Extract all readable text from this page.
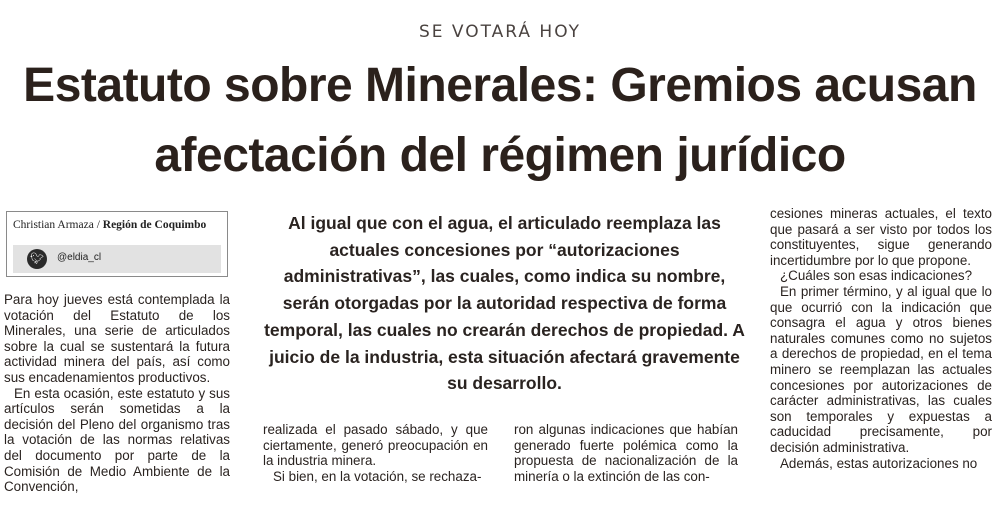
SE VOTARÁ HOY
Estatuto sobre Minerales: Gremios acusan
afectación del régimen jurídico
Christian Armaza / Región de Coquimbo
🐦︎	@eldia_cl
Al igual que con el agua, el articulado reemplaza las actuales concesiones por “autorizaciones administrativas”, las cuales, como indica su nombre, serán otorgadas por la autoridad respectiva de forma temporal, las cuales no crearán derechos de propiedad. A juicio de la industria, esta situación afectará gravemente su desarrollo.

Para hoy jueves está contemplada la votación del Estatuto de los Minerales, una serie de articulados sobre la cual se sustentará la futura actividad minera del país, así como sus encadenamientos productivos.

En esta ocasión, este estatuto y sus artículos serán sometidas a la decisión del Pleno del organismo tras la votación de las normas relativas del documento por parte de la Comisión de Medio Ambiente de la Convención,

realizada el pasado sábado, y que ciertamente, generó preocupación en la industria minera.

Si bien, en la votación, se rechaza-

ron algunas indicaciones que habían generado fuerte polémica como la propuesta de nacionalización de la minería o la extinción de las con-

cesiones mineras actuales, el texto que pasará a ser visto por todos los constituyentes, sigue generando incertidumbre por lo que propone.

¿Cuáles son esas indicaciones?

En primer término, y al igual que lo que ocurrió con la indicación que consagra el agua y otros bienes naturales comunes como no sujetos a derechos de propiedad, en el tema minero se reemplazan las actuales concesiones por autorizaciones de carácter administrativas, las cuales son temporales y expuestas a caducidad precisamente, por decisión administrativa.

Además, estas autorizaciones no
